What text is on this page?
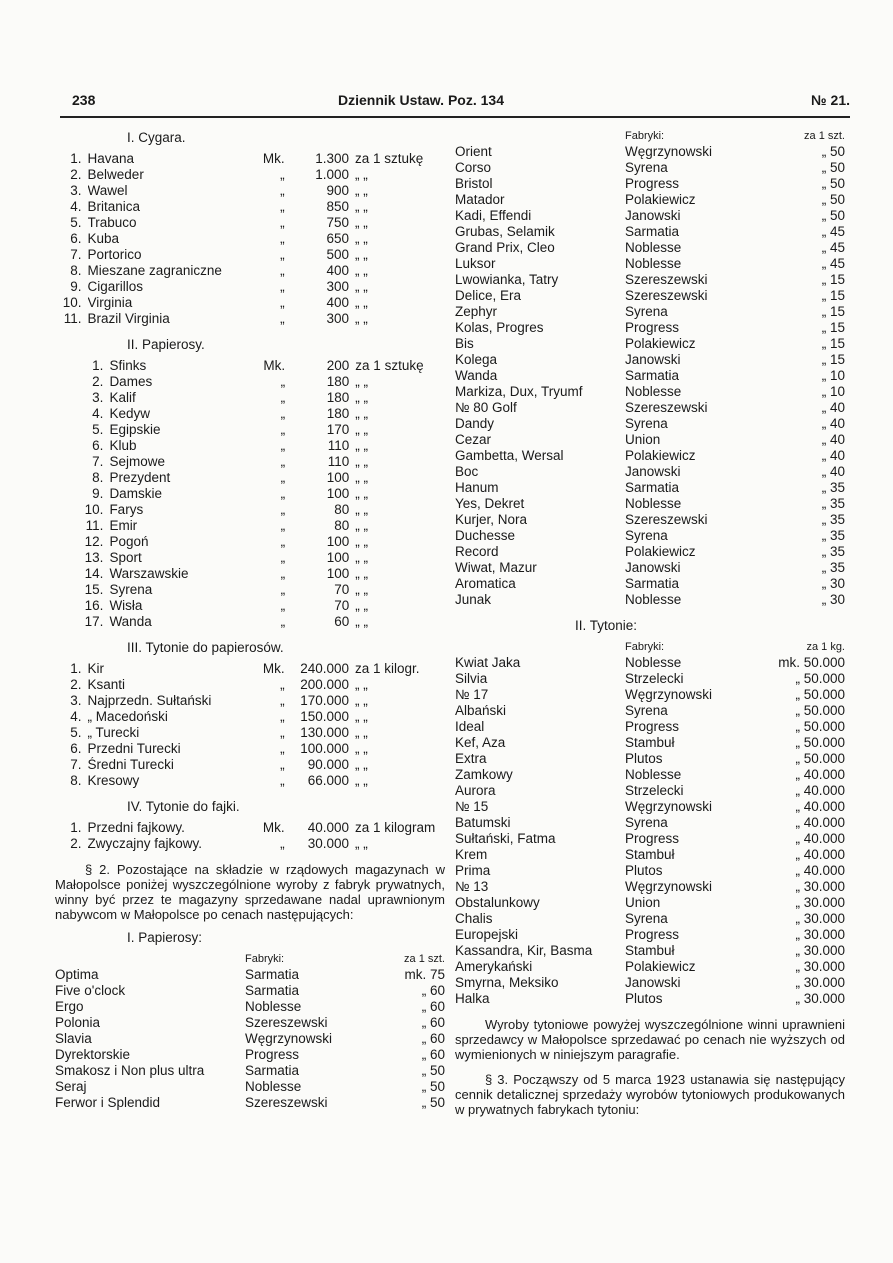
238	Dziennik Ustaw. Poz. 134	№ 21.
I. Cygara.
1. Havana	Mk.	1.300 za 1 sztukę
2. Belweder	„	1.000 „ „
3. Wawel	„	900 „ „
4. Britanica	„	850 „ „
5. Trabuco	„	750 „ „
6. Kuba	„	650 „ „
7. Portorico	„	500 „ „
8. Mieszane zagraniczne	„	400 „ „
9. Cigarillos	„	300 „ „
10. Virginia	„	400 „ „
11. Brazil Virginia	„	300 „ „
II. Papierosy.
1. Sfinks	Mk.	200 za 1 sztukę
2. Dames	„	180 „ „
3. Kalif	„	180 „ „
4. Kedyw	„	180 „ „
5. Egipskie	„	170 „ „
6. Klub	„	110 „ „
7. Sejmowe	„	110 „ „
8. Prezydent	„	100 „ „
9. Damskie	„	100 „ „
10. Farys	„	80 „ „
11. Emir	„	80 „ „
12. Pogoń	„	100 „ „
13. Sport	„	100 „ „
14. Warszawskie	„	100 „ „
15. Syrena	„	70 „ „
16. Wisła	„	70 „ „
17. Wanda	„	60 „ „
III. Tytonie do papierosów.
1. Kir	Mk.	240.000 za 1 kilogr.
2. Ksanti	„	200.000 „ „
3. Najprzedn. Sułtański	„	170.000 „ „
4. „ Macedoński	„	150.000 „ „
5. „ Turecki	„	130.000 „ „
6. Przedni Turecki	„	100.000 „ „
7. Średni Turecki	„	90.000 „ „
8. Kresowy	„	66.000 „ „
IV. Tytonie do fajki.
1. Przedni fajkowy.	Mk.	40.000 za 1 kilogram
2. Zwyczajny fajkowy.	„	30.000 „ „
§ 2. Pozostające na składzie w rządowych magazynach w Małopolsce poniżej wyszczególnione wyroby z fabryk prywatnych, winny być przez te magazyny sprzedawane nadal uprawnionym nabywcom w Małopolsce po cenach następujących:
I. Papierosy:
Fabryki:	za 1 szt.
Optima	Sarmatia	mk. 75
Five o'clock	Sarmatia	„ 60
Ergo	Noblesse	„ 60
Polonia	Szereszewski	„ 60
Slavia	Węgrzynowski	„ 60
Dyrektorskie	Progress	„ 60
Smakosz i Non plus ultra	Sarmatia	„ 50
Seraj	Noblesse	„ 50
Ferwor i Splendid	Szereszewski	„ 50
Fabryki:	za 1 szt.
Orient	Węgrzynowski	„ 50
Corso	Syrena	„ 50
Bristol	Progress	„ 50
Matador	Polakiewicz	„ 50
Kadi, Effendi	Janowski	„ 50
Grubas, Selamik	Sarmatia	„ 45
Grand Prix, Cleo	Noblesse	„ 45
Luksor	Noblesse	„ 45
Lwowianka, Tatry	Szereszewski	„ 15
Delice, Era	Szereszewski	„ 15
Zephyr	Syrena	„ 15
Kolas, Progres	Progress	„ 15
Bis	Polakiewicz	„ 15
Kolega	Janowski	„ 15
Wanda	Sarmatia	„ 10
Markiza, Dux, Tryumf	Noblesse	„ 10
№ 80 Golf	Szereszewski	„ 40
Dandy	Syrena	„ 40
Cezar	Union	„ 40
Gambetta, Wersal	Polakiewicz	„ 40
Boc	Janowski	„ 40
Hanum	Sarmatia	„ 35
Yes, Dekret	Noblesse	„ 35
Kurjer, Nora	Szereszewski	„ 35
Duchesse	Syrena	„ 35
Record	Polakiewicz	„ 35
Wiwat, Mazur	Janowski	„ 35
Aromatica	Sarmatia	„ 30
Junak	Noblesse	„ 30
II. Tytonie:
Fabryki:	za 1 kg.
Kwiat Jaka	Noblesse	mk. 50.000
Silvia	Strzelecki	„ 50.000
№ 17	Węgrzynowski	„ 50.000
Albański	Syrena	„ 50.000
Ideal	Progress	„ 50.000
Kef, Aza	Stambuł	„ 50.000
Extra	Plutos	„ 50.000
Zamkowy	Noblesse	„ 40.000
Aurora	Strzelecki	„ 40.000
№ 15	Węgrzynowski	„ 40.000
Batumski	Syrena	„ 40.000
Sułtański, Fatma	Progress	„ 40.000
Krem	Stambuł	„ 40.000
Prima	Plutos	„ 40.000
№ 13	Węgrzynowski	„ 30.000
Obstalunkowy	Union	„ 30.000
Chalis	Syrena	„ 30.000
Europejski	Progress	„ 30.000
Kassandra, Kir, Basma	Stambuł	„ 30.000
Amerykański	Polakiewicz	„ 30.000
Smyrna, Meksiko	Janowski	„ 30.000
Halka	Plutos	„ 30.000
Wyroby tytoniowe powyżej wyszczególnione winni uprawnieni sprzedawcy w Małopolsce sprzedawać po cenach nie wyższych od wymienionych w niniejszym paragrafie.
§ 3. Począwszy od 5 marca 1923 ustanawia się następujący cennik detalicznej sprzedaży wyrobów tytoniowych produkowanych w prywatnych fabrykach tytoniu:
